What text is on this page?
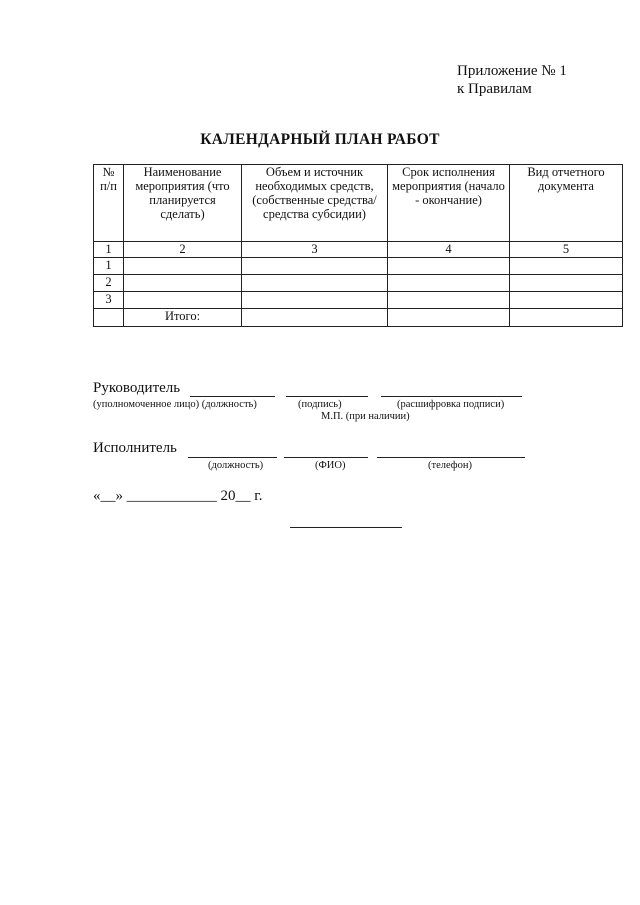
Приложение № 1
к Правилам
КАЛЕНДАРНЫЙ ПЛАН РАБОТ
№ п/п	Наименование мероприятия (что планируется сделать)	Объем и источник необходимых средств, (собственные средства/средства субсидии)	Срок исполнения мероприятия (начало - окончание)	Вид отчетного документа
1	2	3	4	5
1				
2				
3				
	Итого:			
Руководитель
(уполномоченное лицо) (должность)	(подпись)	(расшифровка подписи)
М.П. (при наличии)
Исполнитель
(должность)	(ФИО)	(телефон)
«__» ____________ 20__ г.
